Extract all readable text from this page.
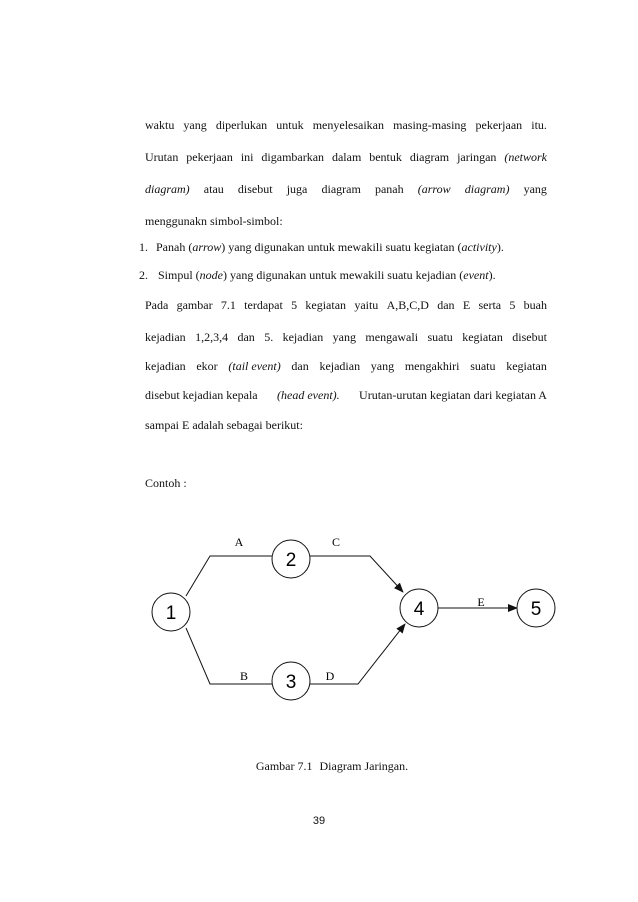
waktu yang diperlukan untuk menyelesaikan masing-masing pekerjaan itu.
Urutan pekerjaan ini digambarkan dalam bentuk diagram jaringan (network
diagram) atau disebut juga diagram panah (arrow diagram) yang
menggunakn simbol-simbol:
1. Panah (arrow) yang digunakan untuk mewakili suatu kegiatan (activity).
2. Simpul (node) yang digunakan untuk mewakili suatu kejadian (event).
Pada gambar 7.1 terdapat 5 kegiatan yaitu A,B,C,D dan E serta 5 buah
kejadian 1,2,3,4 dan 5. kejadian yang mengawali suatu kegiatan disebut
kejadian ekor (tail event) dan kejadian yang mengakhiri suatu kegiatan
disebut kejadian kepala (head event). Urutan-urutan kegiatan dari kegiatan A
sampai E adalah sebagai berikut:
Contoh :
1
2
3
4	5
A
B
C
D
E
Gambar 7.1 Diagram Jaringan.
39
